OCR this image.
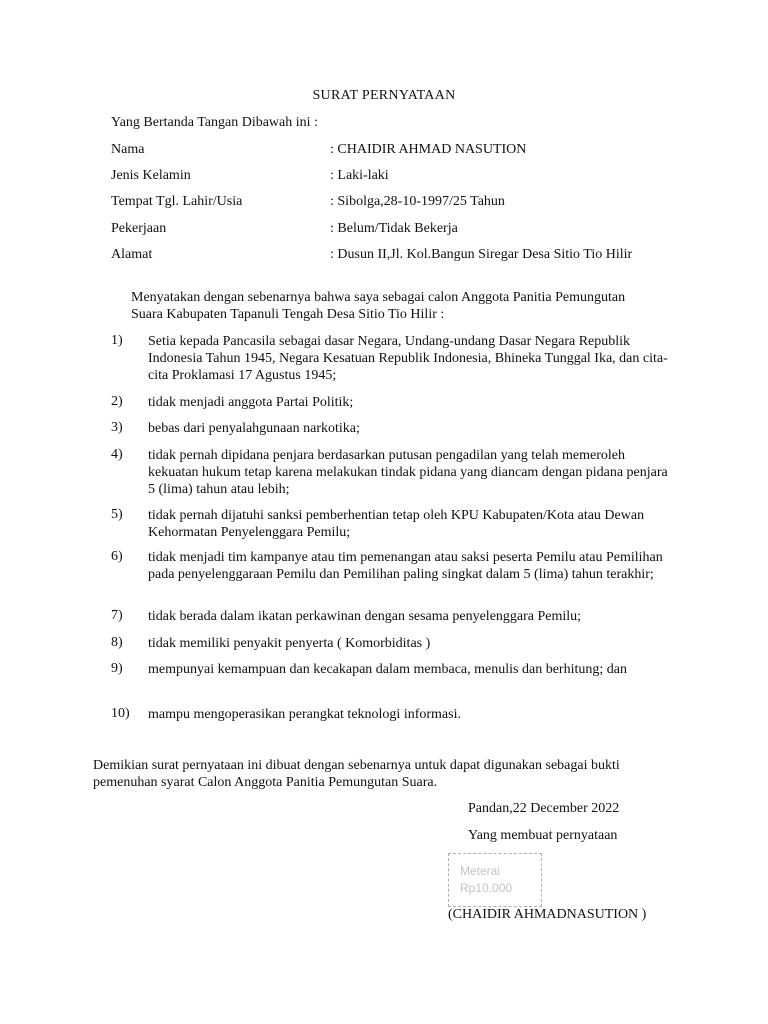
SURAT PERNYATAAN
Yang Bertanda Tangan Dibawah ini :
Nama	: CHAIDIR AHMAD NASUTION
Jenis Kelamin	: Laki-laki
Tempat Tgl. Lahir/Usia	: Sibolga,28-10-1997/25 Tahun
Pekerjaan	: Belum/Tidak Bekerja
Alamat	: Dusun II,Jl. Kol.Bangun Siregar Desa Sitio Tio Hilir
Menyatakan dengan sebenarnya bahwa saya sebagai calon Anggota Panitia Pemungutan Suara Kabupaten Tapanuli Tengah Desa Sitio Tio Hilir :
1) Setia kepada Pancasila sebagai dasar Negara, Undang-undang Dasar Negara Republik Indonesia Tahun 1945, Negara Kesatuan Republik Indonesia, Bhineka Tunggal Ika, dan cita-cita Proklamasi 17 Agustus 1945;
2) tidak menjadi anggota Partai Politik;
3) bebas dari penyalahgunaan narkotika;
4) tidak pernah dipidana penjara berdasarkan putusan pengadilan yang telah memeroleh kekuatan hukum tetap karena melakukan tindak pidana yang diancam dengan pidana penjara 5 (lima) tahun atau lebih;
5) tidak pernah dijatuhi sanksi pemberhentian tetap oleh KPU Kabupaten/Kota atau Dewan Kehormatan Penyelenggara Pemilu;
6) tidak menjadi tim kampanye atau tim pemenangan atau saksi peserta Pemilu atau Pemilihan pada penyelenggaraan Pemilu dan Pemilihan paling singkat dalam 5 (lima) tahun terakhir;
7) tidak berada dalam ikatan perkawinan dengan sesama penyelenggara Pemilu;
8) tidak memiliki penyakit penyerta ( Komorbiditas )
9) mempunyai kemampuan dan kecakapan dalam membaca, menulis dan berhitung; dan
10) mampu mengoperasikan perangkat teknologi informasi.
Demikian surat pernyataan ini dibuat dengan sebenarnya untuk dapat digunakan sebagai bukti pemenuhan syarat Calon Anggota Panitia Pemungutan Suara.
Pandan,22 December 2022
Yang membuat pernyataan
Meterai
Rp10.000
(CHAIDIR AHMADNASUTION )
